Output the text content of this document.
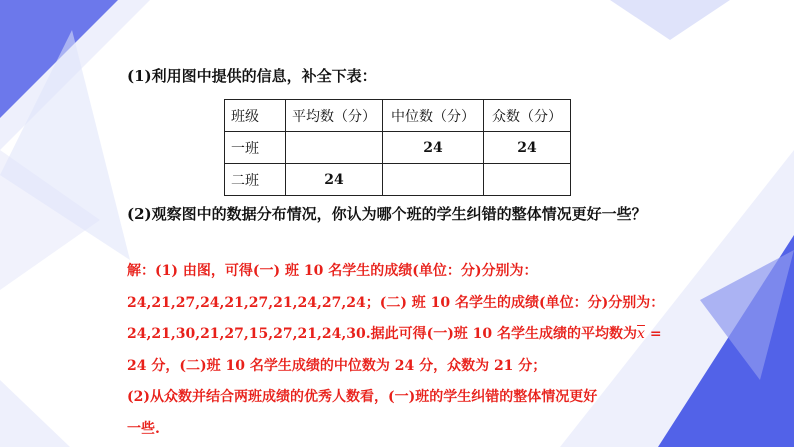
(1)利用图中提供的信息，补全下表：
班级	平均数（分）	中位数（分）	众数（分）
一班		24	24
二班	24		
(2)观察图中的数据分布情况，你认为哪个班的学生纠错的整体情况更好一些？

解：(1) 由图，可得(一) 班 10 名学生的成绩(单位：分)分别为：

24,21,27,24,21,27,21,24,27,24；(二) 班 10 名学生的成绩(单位：分)分别为：

24,21,30,21,27,15,27,21,24,30.据此可得(一)班 10 名学生成绩的平均数为$\overline{x}$ =

24 分，(二)班 10 名学生成绩的中位数为 24 分，众数为 21 分；

(2)从众数并结合两班成绩的优秀人数看，(一)班的学生纠错的整体情况更好

一些.
